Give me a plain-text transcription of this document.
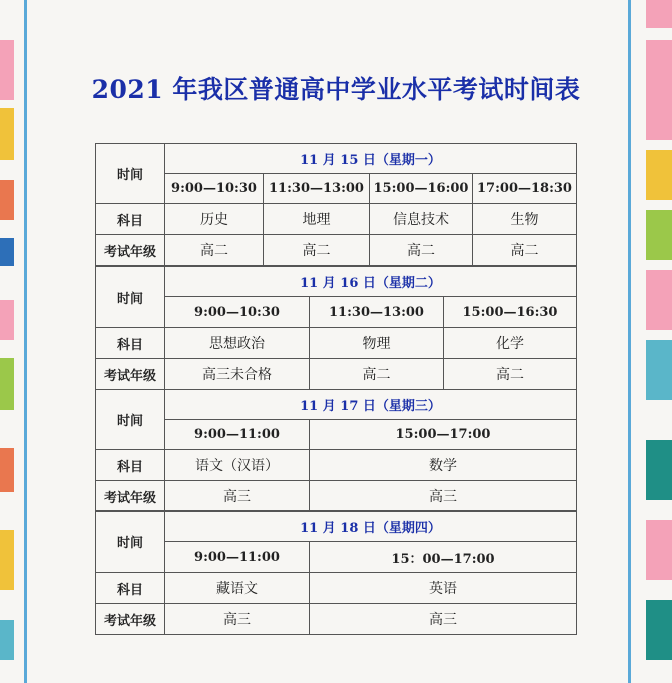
2021 年我区普通高中学业水平考试时间表
时间	11 月 15 日（星期一）			
	9:00—10:30	11:30—13:00	15:00—16:00	17:00—18:30
科目	历史	地理	信息技术	生物
考试年级	高二	高二	高二	高二
时间	11 月 16 日（星期二）		
	9:00—10:30	11:30—13:00	15:00—16:30
科目	思想政治	物理	化学
考试年级	高三未合格	高二	高二
时间	11 月 17 日（星期三）	
	9:00—11:00	15:00—17:00
科目	语文（汉语）	数学
考试年级	高三	高三
时间	11 月 18 日（星期四）	
	9:00—11:00	15：00—17:00
科目	藏语文	英语
考试年级	高三	高三
